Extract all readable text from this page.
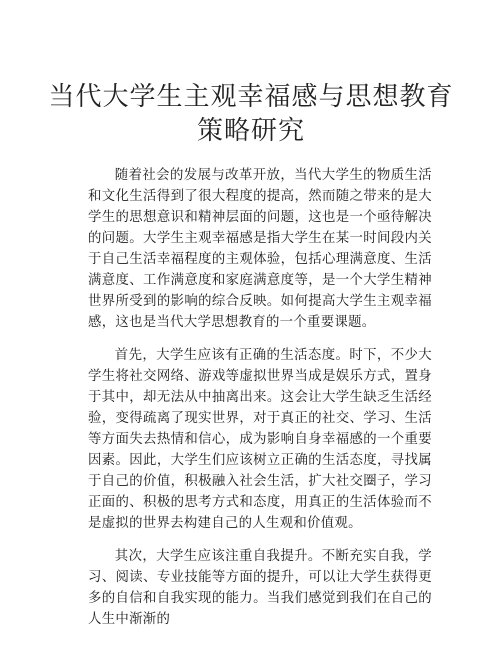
当代大学生主观幸福感与思想教育
策略研究

随着社会的发展与改革开放，当代大学生的物质生活和文化生活得到了很大程度的提高，然而随之带来的是大学生的思想意识和精神层面的问题，这也是一个亟待解决的问题。大学生主观幸福感是指大学生在某一时间段内关于自己生活幸福程度的主观体验，包括心理满意度、生活满意度、工作满意度和家庭满意度等，是一个大学生精神世界所受到的影响的综合反映。如何提高大学生主观幸福感，这也是当代大学思想教育的一个重要课题。

首先，大学生应该有正确的生活态度。时下，不少大学生将社交网络、游戏等虚拟世界当成是娱乐方式，置身于其中，却无法从中抽离出来。这会让大学生缺乏生活经验，变得疏离了现实世界，对于真正的社交、学习、生活等方面失去热情和信心，成为影响自身幸福感的一个重要因素。因此，大学生们应该树立正确的生活态度，寻找属于自己的价值，积极融入社会生活，扩大社交圈子，学习正面的、积极的思考方式和态度，用真正的生活体验而不是虚拟的世界去构建自己的人生观和价值观。

其次，大学生应该注重自我提升。不断充实自我，学习、阅读、专业技能等方面的提升，可以让大学生获得更多的自信和自我实现的能力。当我们感觉到我们在自己的人生中渐渐的
